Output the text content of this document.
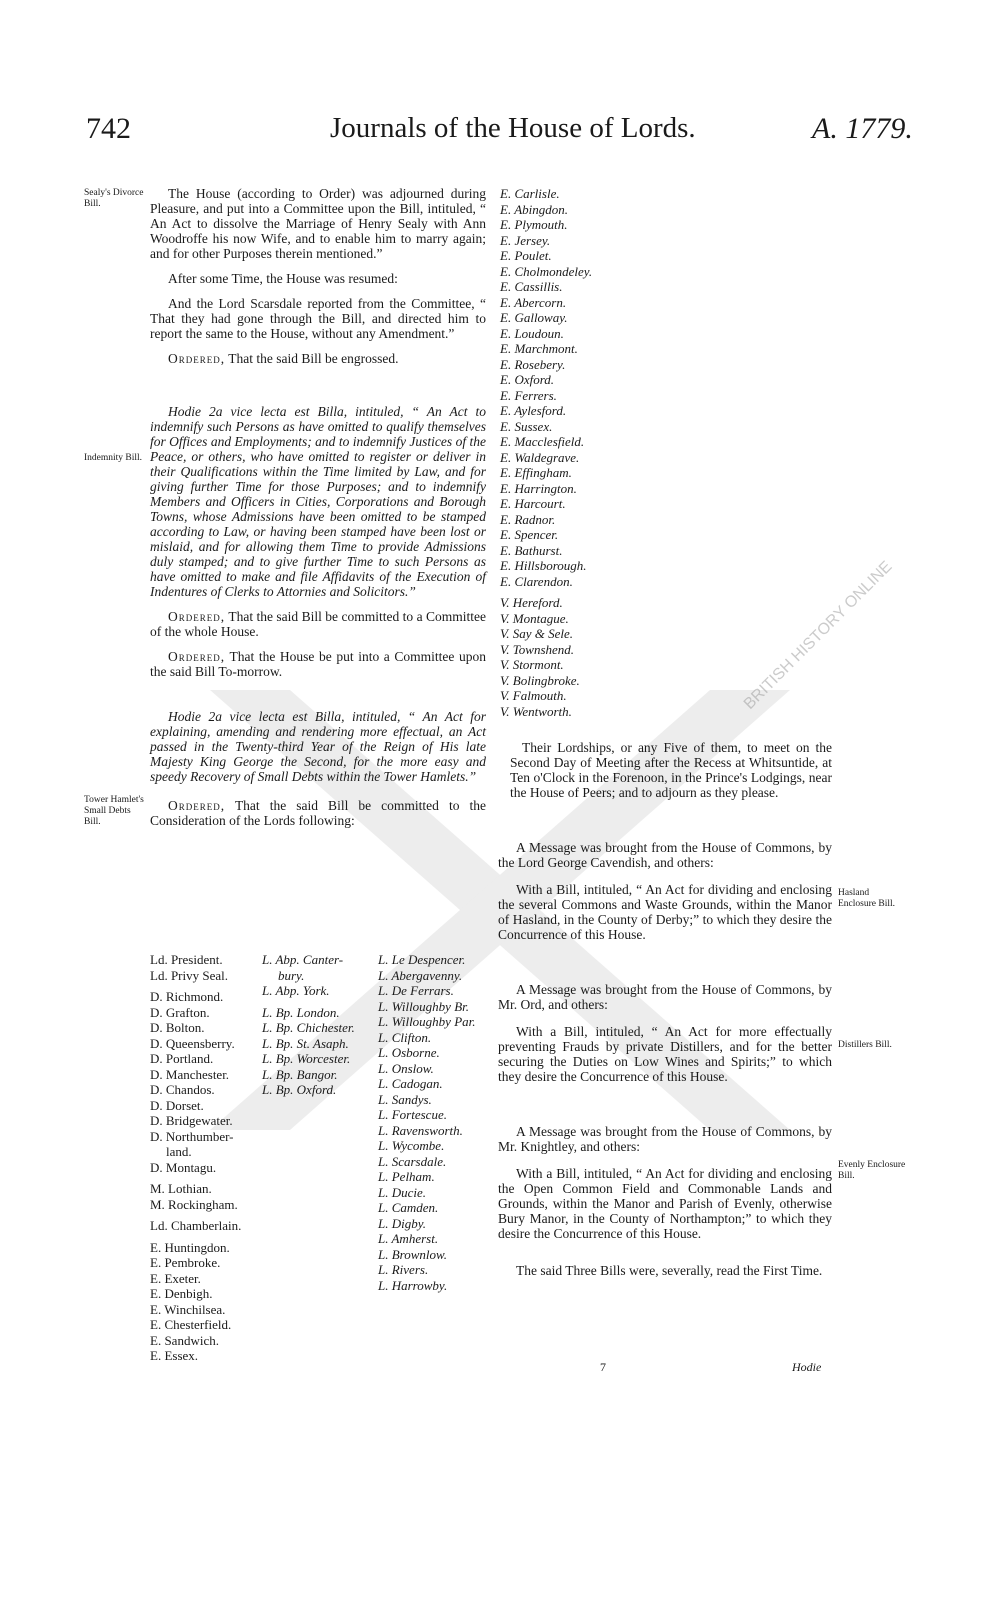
742	Journals of the House of Lords.	A. 1779.
BRITISH HISTORY ONLINE
Sealy's Divorce Bill.
Indemnity Bill.
Tower Hamlet's Small Debts Bill.
Hasland Enclosure Bill.
Distillers Bill.
Evenly Enclosure Bill.

The House (according to Order) was adjourned during Pleasure, and put into a Committee upon the Bill, intituled, “ An Act to dissolve the Marriage of Henry Sealy with Ann Woodroffe his now Wife, and to enable him to marry again; and for other Purposes therein mentioned.”

After some Time, the House was resumed:

And the Lord Scarsdale reported from the Committee, “ That they had gone through the Bill, and directed him to report the same to the House, without any Amendment.”

Ordered, That the said Bill be engrossed.

Hodie 2a vice lecta est Billa, intituled, “ An Act to indemnify such Persons as have omitted to qualify themselves for Offices and Employments; and to indemnify Justices of the Peace, or others, who have omitted to register or deliver in their Qualifications within the Time limited by Law, and for giving further Time for those Purposes; and to indemnify Members and Officers in Cities, Corporations and Borough Towns, whose Admissions have been omitted to be stamped according to Law, or having been stamped have been lost or mislaid, and for allowing them Time to provide Admissions duly stamped; and to give further Time to such Persons as have omitted to make and file Affidavits of the Execution of Indentures of Clerks to Attornies and Solicitors.”

Ordered, That the said Bill be committed to a Committee of the whole House.

Ordered, That the House be put into a Committee upon the said Bill To-morrow.

Hodie 2a vice lecta est Billa, intituled, “ An Act for explaining, amending and rendering more effectual, an Act passed in the Twenty-third Year of the Reign of His late Majesty King George the Second, for the more easy and speedy Recovery of Small Debts within the Tower Hamlets.”

Ordered, That the said Bill be committed to the Consideration of the Lords following:

Ld. President.
Ld. Privy Seal.
D. Richmond.
D. Grafton.
D. Bolton.
D. Queensberry.
D. Portland.
D. Manchester.
D. Chandos.
D. Dorset.
D. Bridgewater.
D. Northumber-
land.
D. Montagu.
M. Lothian.
M. Rockingham.
Ld. Chamberlain.
E. Huntingdon.
E. Pembroke.
E. Exeter.
E. Denbigh.
E. Winchilsea.
E. Chesterfield.
E. Sandwich.
E. Essex.
L. Abp. Canter-
bury.
L. Abp. York.
L. Bp. London.
L. Bp. Chichester.
L. Bp. St. Asaph.
L. Bp. Worcester.
L. Bp. Bangor.
L. Bp. Oxford.
L. Le Despencer.
L. Abergavenny.
L. De Ferrars.
L. Willoughby Br.
L. Willoughby Par.
L. Clifton.
L. Osborne.
L. Onslow.
L. Cadogan.
L. Sandys.
L. Fortescue.
L. Ravensworth.
L. Wycombe.
L. Scarsdale.
L. Pelham.
L. Ducie.
L. Camden.
L. Digby.
L. Amherst.
L. Brownlow.
L. Rivers.
L. Harrowby.
E. Carlisle.
E. Abingdon.
E. Plymouth.
E. Jersey.
E. Poulet.
E. Cholmondeley.
E. Cassillis.
E. Abercorn.
E. Galloway.
E. Loudoun.
E. Marchmont.
E. Rosebery.
E. Oxford.
E. Ferrers.
E. Aylesford.
E. Sussex.
E. Macclesfield.
E. Waldegrave.
E. Effingham.
E. Harrington.
E. Harcourt.
E. Radnor.
E. Spencer.
E. Bathurst.
E. Hillsborough.
E. Clarendon.
V. Hereford.
V. Montague.
V. Say & Sele.
V. Townshend.
V. Stormont.
V. Bolingbroke.
V. Falmouth.
V. Wentworth.

Their Lordships, or any Five of them, to meet on the Second Day of Meeting after the Recess at Whitsuntide, at Ten o'Clock in the Forenoon, in the Prince's Lodgings, near the House of Peers; and to adjourn as they please.

A Message was brought from the House of Commons, by the Lord George Cavendish, and others:

With a Bill, intituled, “ An Act for dividing and enclosing the several Commons and Waste Grounds, within the Manor of Hasland, in the County of Derby;” to which they desire the Concurrence of this House.

A Message was brought from the House of Commons, by Mr. Ord, and others:

With a Bill, intituled, “ An Act for more effectually preventing Frauds by private Distillers, and for the better securing the Duties on Low Wines and Spirits;” to which they desire the Concurrence of this House.

A Message was brought from the House of Commons, by Mr. Knightley, and others:

With a Bill, intituled, “ An Act for dividing and enclosing the Open Common Field and Commonable Lands and Grounds, within the Manor and Parish of Evenly, otherwise Bury Manor, in the County of Northampton;” to which they desire the Concurrence of this House.

The said Three Bills were, severally, read the First Time.

7	Hodie
